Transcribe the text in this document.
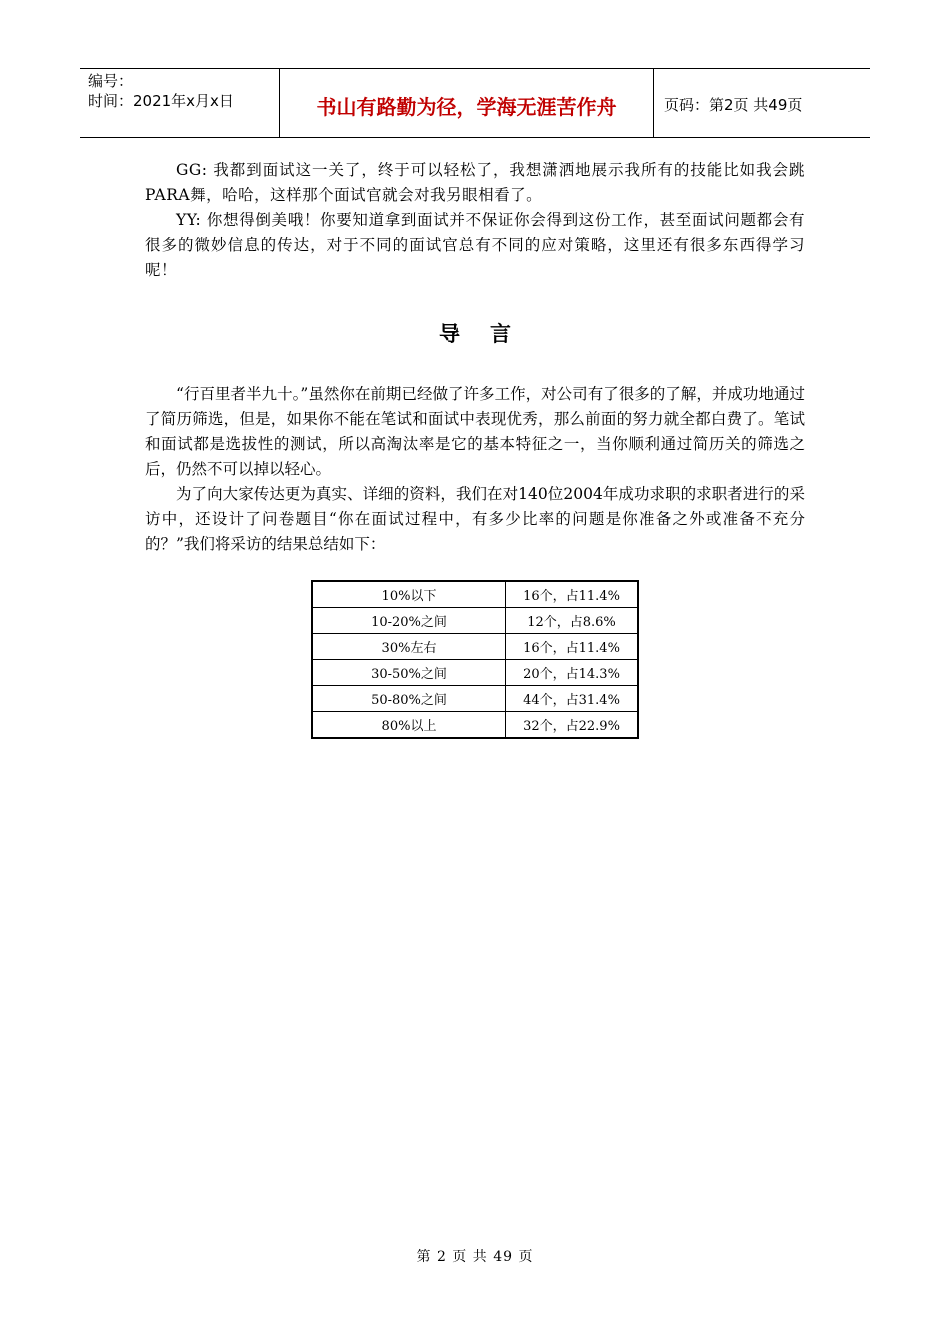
编号：
时间：2021年x月x日	书山有路勤为径，学海无涯苦作舟	页码：第2页 共49页

GG: 我都到面试这一关了，终于可以轻松了，我想潇洒地展示我所有的技能比如我会跳PARA舞，哈哈，这样那个面试官就会对我另眼相看了。

YY: 你想得倒美哦！你要知道拿到面试并不保证你会得到这份工作，甚至面试问题都会有很多的微妙信息的传达，对于不同的面试官总有不同的应对策略，这里还有很多东西得学习呢！

导言

“行百里者半九十。”虽然你在前期已经做了许多工作，对公司有了很多的了解，并成功地通过了简历筛选，但是，如果你不能在笔试和面试中表现优秀，那么前面的努力就全都白费了。笔试和面试都是选拔性的测试，所以高淘汰率是它的基本特征之一，当你顺利通过简历关的筛选之后，仍然不可以掉以轻心。

为了向大家传达更为真实、详细的资料，我们在对140位2004年成功求职的求职者进行的采访中，还设计了问卷题目“你在面试过程中，有多少比率的问题是你准备之外或准备不充分的？”我们将采访的结果总结如下：

10%以下	16个，占11.4%
10-20%之间	12个，占8.6%
30%左右	16个，占11.4%
30-50%之间	20个，占14.3%
50-80%之间	44个，占31.4%
80%以上	32个，占22.9%
第 2 页 共 49 页
